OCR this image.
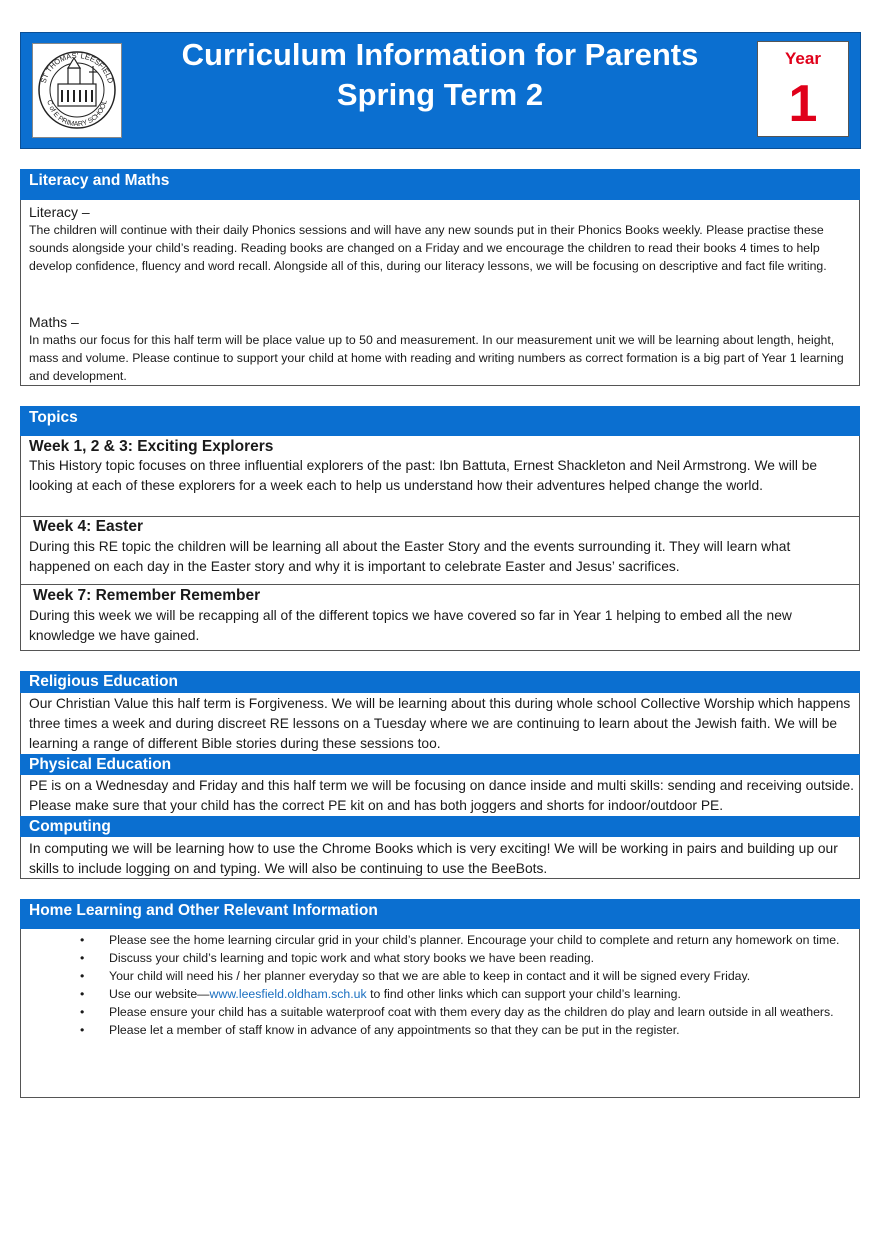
ST THOMAS' LEESFIELD
C of E PRIMARY SCHOOL
Curriculum Information for Parents
Spring Term 2
Year
1
Literacy and Maths
Literacy –
The children will continue with their daily Phonics sessions and will have any new sounds put in their Phonics Books weekly. Please practise these sounds alongside your child’s reading. Reading books are changed on a Friday and we encourage the children to read their books 4 times to help develop confidence, fluency and word recall. Alongside all of this, during our literacy lessons, we will be focusing on descriptive and fact file writing.
Maths –
In maths our focus for this half term will be place value up to 50 and measurement. In our measurement unit we will be learning about length, height, mass and volume. Please continue to support your child at home with reading and writing numbers as correct formation is a big part of Year 1 learning and development.
Topics
Week 1, 2 & 3: Exciting Explorers
This History topic focuses on three influential explorers of the past: Ibn Battuta, Ernest Shackleton and Neil Armstrong. We will be looking at each of these explorers for a week each to help us understand how their adventures helped change the world.
Week 4: Easter
During this RE topic the children will be learning all about the Easter Story and the events surrounding it. They will learn what happened on each day in the Easter story and why it is important to celebrate Easter and Jesus’ sacrifices.
Week 7: Remember Remember
During this week we will be recapping all of the different topics we have covered so far in Year 1 helping to embed all the new knowledge we have gained.
Religious Education
Our Christian Value this half term is Forgiveness. We will be learning about this during whole school Collective Worship which happens three times a week and during discreet RE lessons on a Tuesday where we are continuing to learn about the Jewish faith. We will be learning a range of different Bible stories during these sessions too.
Physical Education
PE is on a Wednesday and Friday and this half term we will be focusing on dance inside and multi skills: sending and receiving outside. Please make sure that your child has the correct PE kit on and has both joggers and shorts for indoor/outdoor PE.
Computing
In computing we will be learning how to use the Chrome Books which is very exciting! We will be working in pairs and building up our skills to include logging on and typing. We will also be continuing to use the BeeBots.
Home Learning and Other Relevant Information
• Please see the home learning circular grid in your child’s planner. Encourage your child to complete and return any homework on time.
• Discuss your child’s learning and topic work and what story books we have been reading.
• Your child will need his / her planner everyday so that we are able to keep in contact and it will be signed every Friday.
• Use our website—www.leesfield.oldham.sch.uk to find other links which can support your child’s learning.
• Please ensure your child has a suitable waterproof coat with them every day as the children do play and learn outside in all weathers.
• Please let a member of staff know in advance of any appointments so that they can be put in the register.
